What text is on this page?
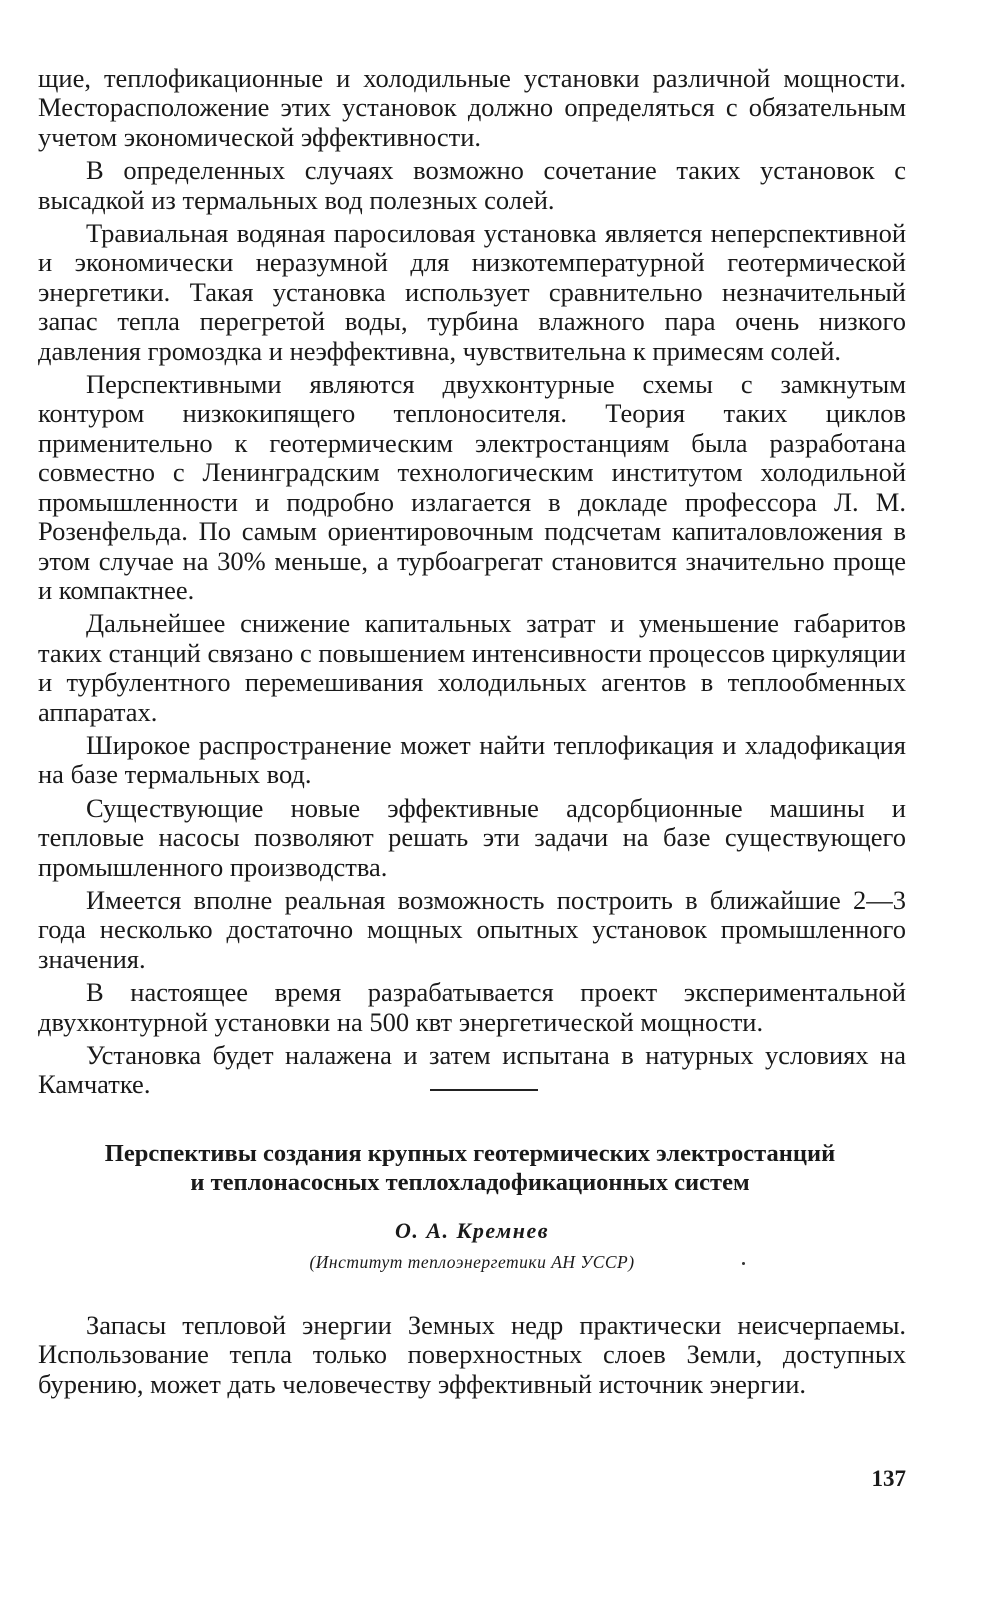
щие, теплофикационные и холодильные установки различной мощности. Месторасположение этих установок должно определяться с обязательным учетом экономической эффективности.

В определенных случаях возможно сочетание таких установок с высадкой из термальных вод полезных солей.

Травиальная водяная паросиловая установка является неперспективной и экономически неразумной для низкотемпературной геотермической энергетики. Такая установка использует сравнительно незначительный запас тепла перегретой воды, турбина влажного пара очень низкого давления громоздка и неэффективна, чувствительна к примесям солей.

Перспективными являются двухконтурные схемы с замкнутым контуром низкокипящего теплоносителя. Теория таких циклов применительно к геотермическим электростанциям была разработана совместно с Ленинградским технологическим институтом холодильной промышленности и подробно излагается в докладе профессора Л. М. Розенфельда. По самым ориентировочным подсчетам капиталовложения в этом случае на 30% меньше, а турбоагрегат становится значительно проще и компактнее.

Дальнейшее снижение капитальных затрат и уменьшение габаритов таких станций связано с повышением интенсивности процессов циркуляции и турбулентного перемешивания холодильных агентов в теплообменных аппаратах.

Широкое распространение может найти теплофикация и хладофикация на базе термальных вод.

Существующие новые эффективные адсорбционные машины и тепловые насосы позволяют решать эти задачи на базе существующего промышленного производства.

Имеется вполне реальная возможность построить в ближайшие 2—3 года несколько достаточно мощных опытных установок промышленного значения.

В настоящее время разрабатывается проект экспериментальной двухконтурной установки на 500 квт энергетической мощности.

Установка будет налажена и затем испытана в натурных условиях на Камчатке.

Перспективы создания крупных геотермических электростанций
и теплонасосных теплохладофикационных систем

О. А. Кремнев

(Институт теплоэнергетики АН УССР)

Запасы тепловой энергии Земных недр практически неисчерпаемы. Использование тепла только поверхностных слоев Земли, доступных бурению, может дать человечеству эффективный источник энергии.

137
